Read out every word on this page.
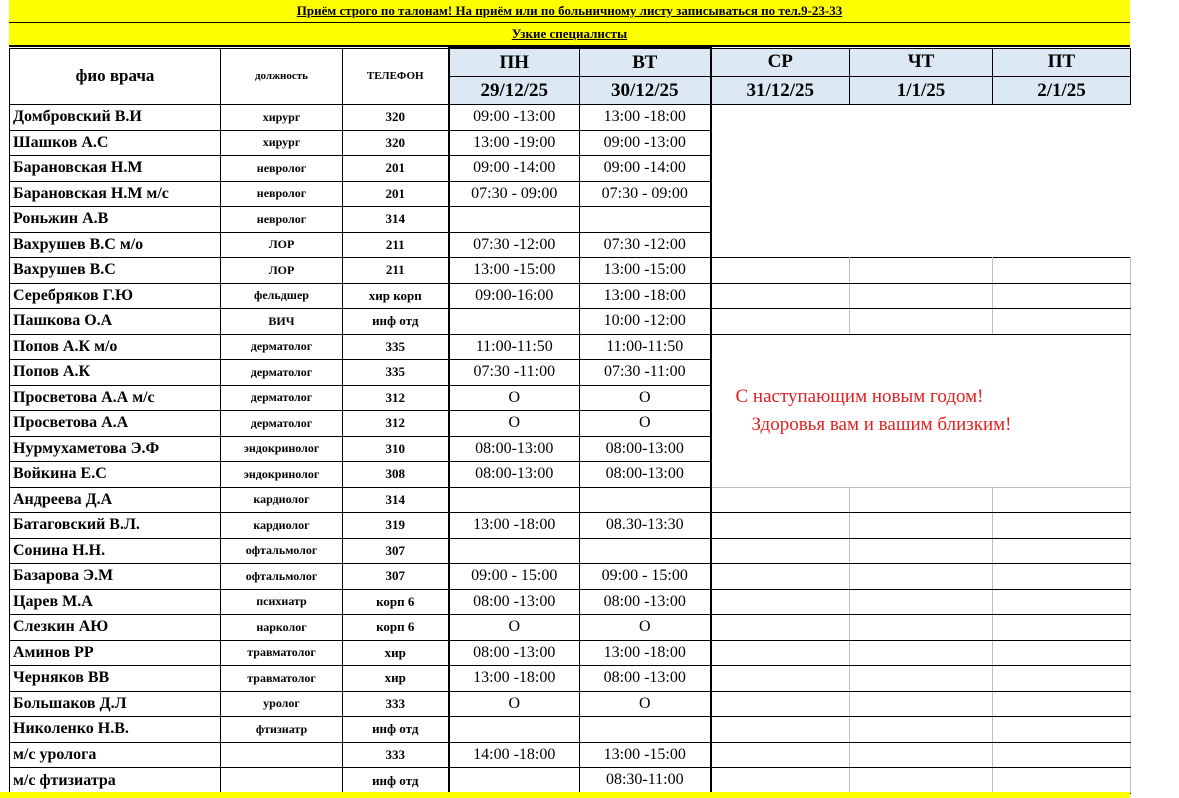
Приём строго по талонам! На приём или по больничному листу записываться по тел.9-23-33
Узкие специалисты
фио врача	должность	ТЕЛЕФОН	ПН	ВТ	СР	ЧТ	ПТ
			29/12/25	30/12/25	31/12/25	1/1/25	2/1/25
Домбровский В.И	хирург	320	09:00 -13:00	13:00 -18:00			
Шашков А.С	хирург	320	13:00 -19:00	09:00 -13:00			
Барановская Н.М	невролог	201	09:00 -14:00	09:00 -14:00			
Барановская Н.М м/с	невролог	201	07:30 - 09:00	07:30 - 09:00			
Роньжин А.В	невролог	314					
Вахрушев В.С м/о	ЛОР	211	07:30 -12:00	07:30 -12:00			
Вахрушев В.С	ЛОР	211	13:00 -15:00	13:00 -15:00			
Серебряков Г.Ю	фельдшер	хир корп	09:00-16:00	13:00 -18:00			
Пашкова О.А	ВИЧ	инф отд		10:00 -12:00			
Попов А.К м/о	дерматолог	335	11:00-11:50	11:00-11:50	С наступающим новым годом!
Здоровья вам и вашим близким!		

Попов А.К	дерматолог	335	07:30 -11:00	07:30 -11:00			
Просветова А.А м/с	дерматолог	312	О	О			
Просветова А.А	дерматолог	312	О	О			
Нурмухаметова Э.Ф	эндокринолог	310	08:00-13:00	08:00-13:00			
Войкина Е.С	эндокринолог	308	08:00-13:00	08:00-13:00			
Андреева Д.А	кардиолог	314					
Батаговский В.Л.	кардиолог	319	13:00 -18:00	08.30-13:30			
Сонина Н.Н.	офтальмолог	307					
Базарова Э.М	офтальмолог	307	09:00 - 15:00	09:00 - 15:00			
Царев М.А	психиатр	корп 6	08:00 -13:00	08:00 -13:00			
Слезкин АЮ	нарколог	корп 6	О	О			
Аминов РР	травматолог	хир	08:00 -13:00	13:00 -18:00			
Черняков ВВ	травматолог	хир	13:00 -18:00	08:00 -13:00			
Большаков Д.Л	уролог	333	О	О			
Николенко Н.В.	фтизиатр	инф отд					
м/с уролога		333	14:00 -18:00	13:00 -15:00			
м/с фтизиатра		инф отд		08:30-11:00			
